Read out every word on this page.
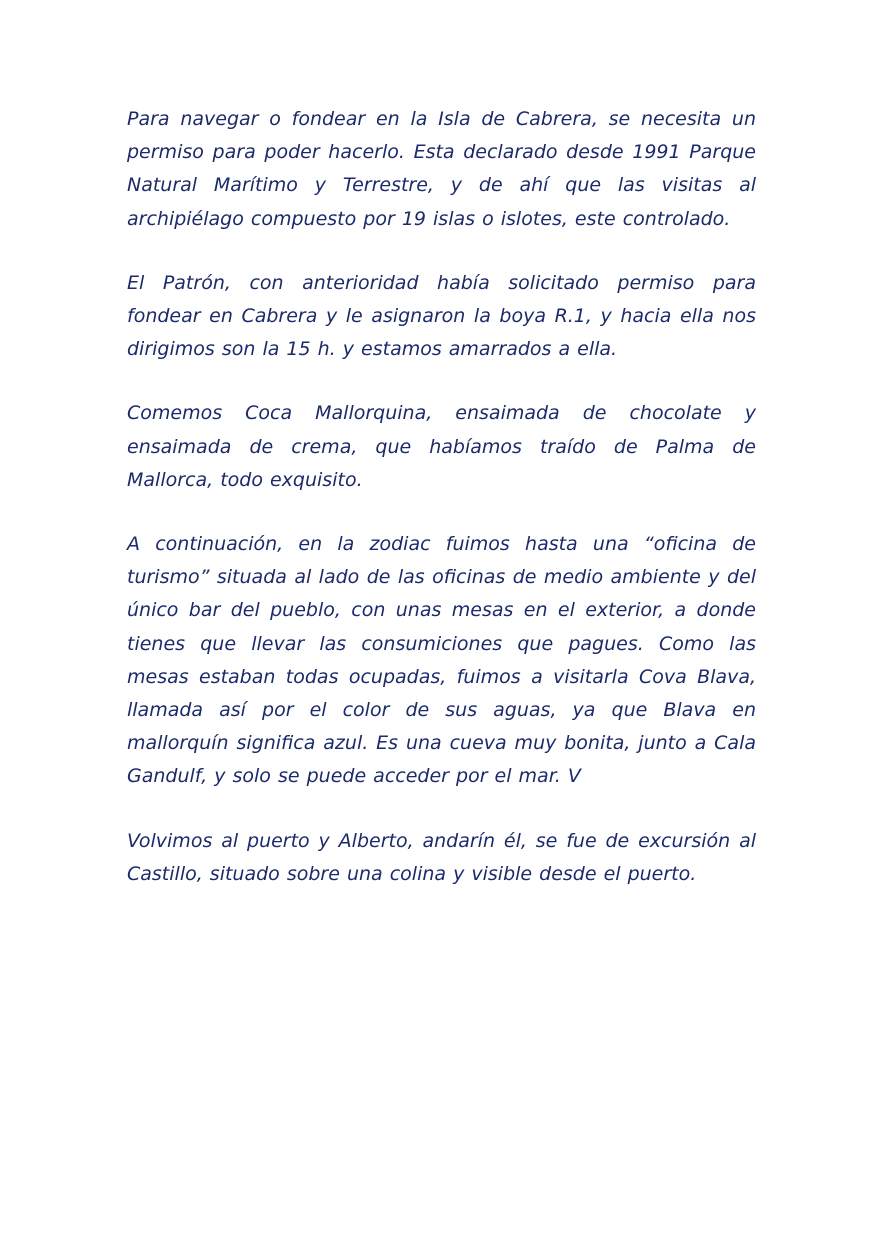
Para navegar o fondear en la Isla de Cabrera, se necesita un permiso para poder hacerlo. Esta declarado desde 1991 Parque Natural Marítimo y Terrestre, y de ahí que las visitas al archipiélago compuesto por 19 islas o islotes, este controlado.

El Patrón, con anterioridad había solicitado permiso para fondear en Cabrera y le asignaron la boya R.1, y hacia ella nos dirigimos son la 15 h. y estamos amarrados a ella.

Comemos Coca Mallorquina, ensaimada de chocolate y ensaimada de crema, que habíamos traído de Palma de Mallorca, todo exquisito.

A continuación, en la zodiac fuimos hasta una “oficina de turismo” situada al lado de las oficinas de medio ambiente y del único bar del pueblo, con unas mesas en el exterior, a donde tienes que llevar las consumiciones que pagues. Como las mesas estaban todas ocupadas, fuimos a visitarla Cova Blava, llamada así por el color de sus aguas, ya que Blava en mallorquín significa azul. Es una cueva muy bonita, junto a Cala Gandulf, y solo se puede acceder por el mar. V

Volvimos al puerto y Alberto, andarín él, se fue de excursión al Castillo, situado sobre una colina y visible desde el puerto.
